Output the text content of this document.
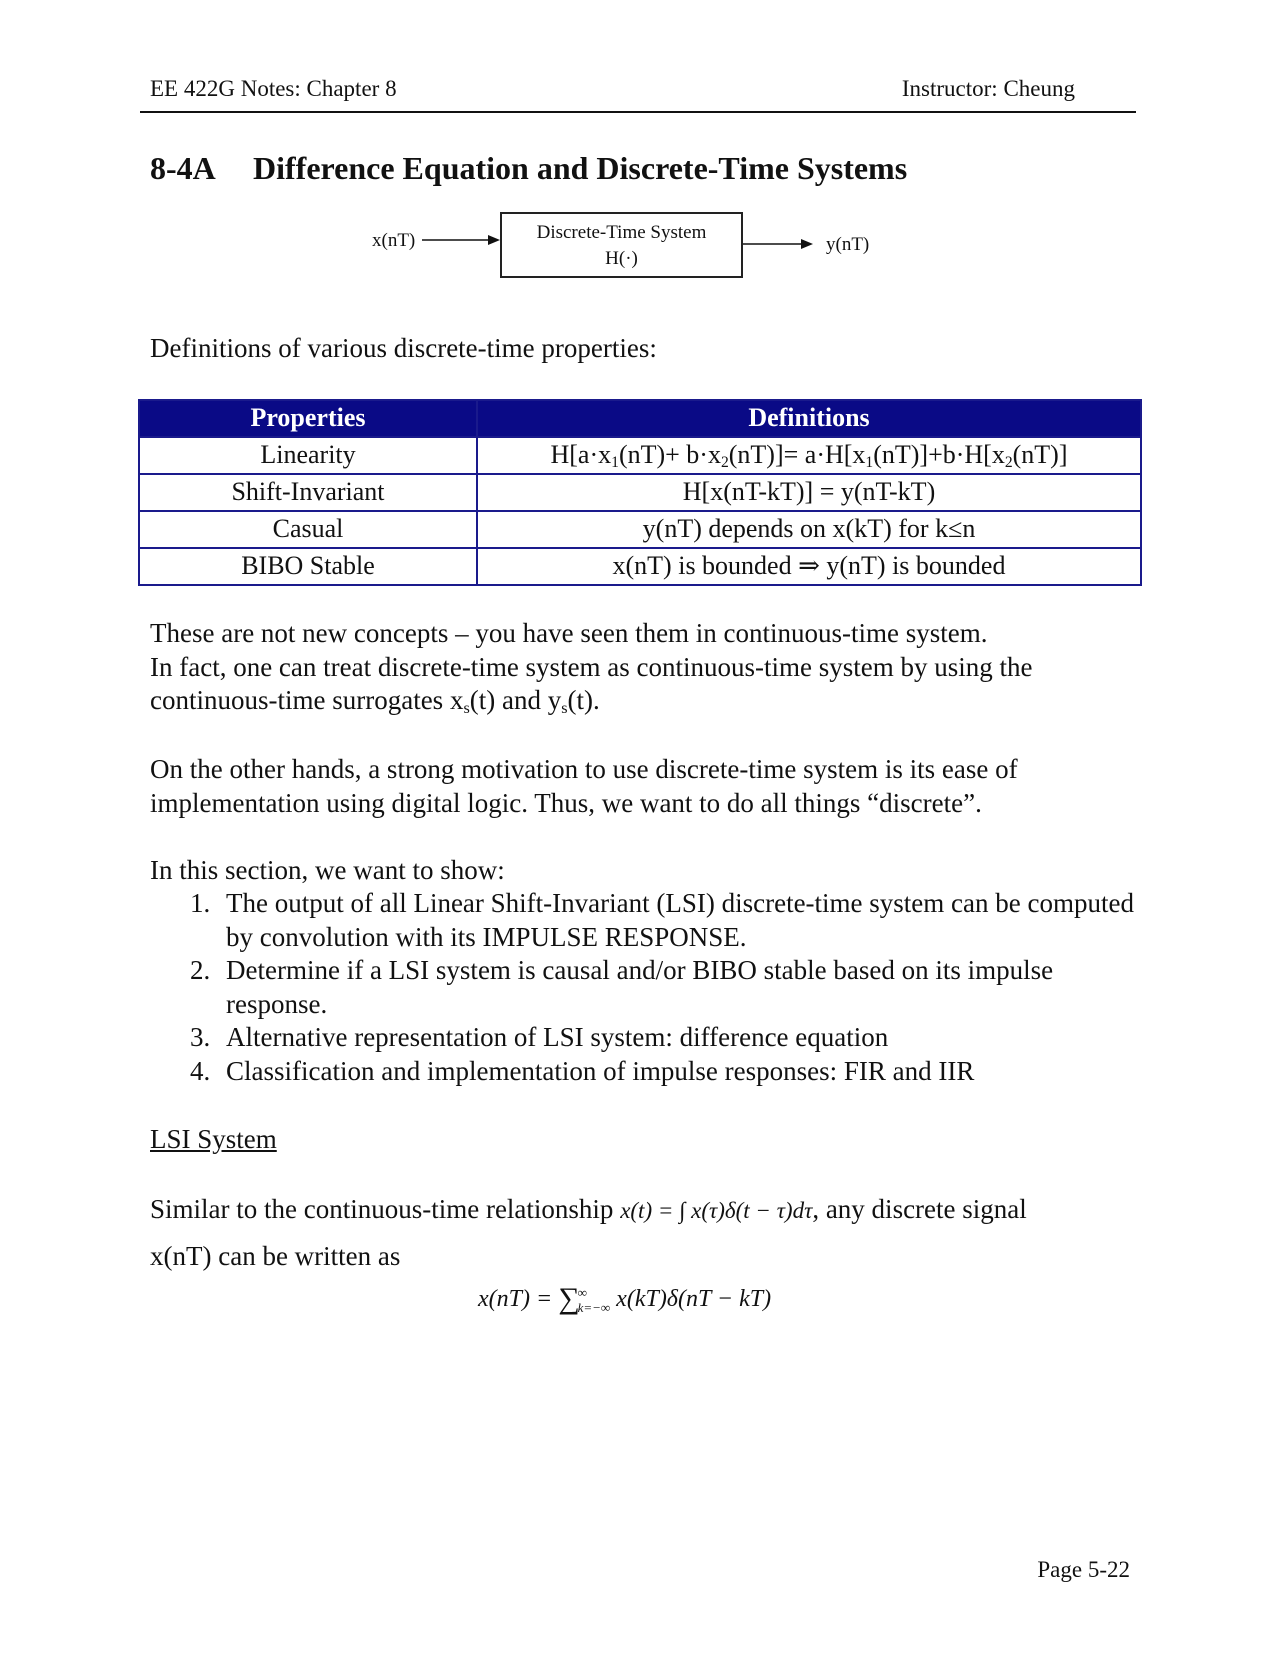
EE 422G Notes: Chapter 8	Instructor: Cheung
8-4A Difference Equation and Discrete-Time Systems
x(nT)	Discrete-Time System
H(·)
y(nT)
Definitions of various discrete-time properties:
Properties	Definitions
Linearity	$H[a\cdot x_1(nT)+ b\cdot x_2(nT)]= a\cdot H[x_1(nT)]+b\cdot H[x_2(nT)]$
Shift-Invariant	H[x(nT-kT)] = y(nT-kT)
Casual	y(nT) depends on x(kT) for k≤n
BIBO Stable	x(nT) is bounded ⇒ y(nT) is bounded

These are not new concepts – you have seen them in continuous-time system.

In fact, one can treat discrete-time system as continuous-time system by using the

continuous-time surrogates $x_s(t)$ and $y_s(t)$.

On the other hands, a strong motivation to use discrete-time system is its ease of

implementation using digital logic. Thus, we want to do all things “discrete”.

In this section, we want to show:
1. The output of all Linear Shift-Invariant (LSI) discrete-time system can be computed by convolution with its IMPULSE RESPONSE.
2. Determine if a LSI system is causal and/or BIBO stable based on its impulse response.
3. Alternative representation of LSI system: difference equation
4. Classification and implementation of impulse responses: FIR and IIR
LSI System

Similar to the continuous-time relationship x(t) = ∫ x(τ)δ(t − τ)dτ, any discrete signal

x(nT) can be written as

x(nT) = ∑
∞
k=−∞ x(kT)δ(nT − kT)
Page 5-22
